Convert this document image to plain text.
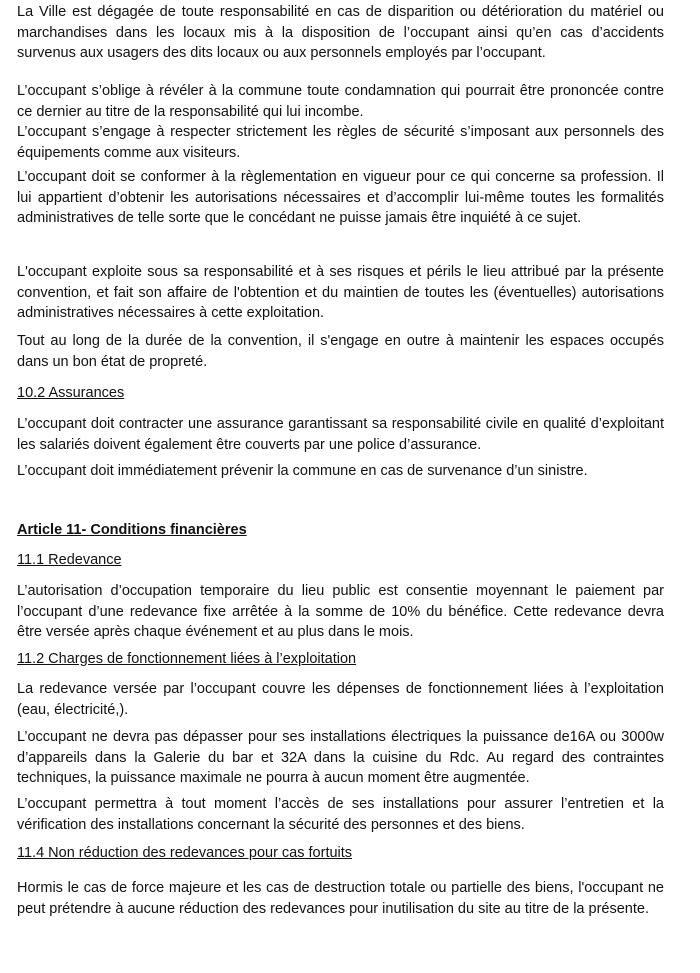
La Ville est dégagée de toute responsabilité en cas de disparition ou détérioration du matériel ou marchandises dans les locaux mis à la disposition de l’occupant ainsi qu’en cas d’accidents survenus aux usagers des dits locaux ou aux personnels employés par l’occupant.
L’occupant s’oblige à révéler à la commune toute condamnation qui pourrait être prononcée contre ce dernier au titre de la responsabilité qui lui incombe.
L’occupant s’engage à respecter strictement les règles de sécurité s’imposant aux personnels des équipements comme aux visiteurs.
L’occupant doit se conformer à la règlementation en vigueur pour ce qui concerne sa profession. Il lui appartient d’obtenir les autorisations nécessaires et d’accomplir lui-même toutes les formalités administratives de telle sorte que le concédant ne puisse jamais être inquiété à ce sujet.
L'occupant exploite sous sa responsabilité et à ses risques et périls le lieu attribué par la présente convention, et fait son affaire de l'obtention et du maintien de toutes les (éventuelles) autorisations administratives nécessaires à cette exploitation.
Tout au long de la durée de la convention, il s'engage en outre à maintenir les espaces occupés dans un bon état de propreté.
10.2 Assurances
L’occupant doit contracter une assurance garantissant sa responsabilité civile en qualité d’exploitant les salariés doivent également être couverts par une police d’assurance.
L’occupant doit immédiatement prévenir la commune en cas de survenance d’un sinistre.
Article 11- Conditions financières
11.1 Redevance
L’autorisation d’occupation temporaire du lieu public est consentie moyennant le paiement par l’occupant d’une redevance fixe arrêtée à la somme de 10% du bénéfice. Cette redevance devra être versée après chaque événement et au plus dans le mois.
11.2 Charges de fonctionnement liées à l’exploitation
La redevance versée par l’occupant couvre les dépenses de fonctionnement liées à l’exploitation (eau, électricité,).
L’occupant ne devra pas dépasser pour ses installations électriques la puissance de16A ou 3000w d’appareils dans la Galerie du bar et 32A dans la cuisine du Rdc. Au regard des contraintes techniques, la puissance maximale ne pourra à aucun moment être augmentée.
L’occupant permettra à tout moment l’accès de ses installations pour assurer l’entretien et la vérification des installations concernant la sécurité des personnes et des biens.
11.4 Non réduction des redevances pour cas fortuits
Hormis le cas de force majeure et les cas de destruction totale ou partielle des biens, l'occupant ne peut prétendre à aucune réduction des redevances pour inutilisation du site au titre de la présente.
